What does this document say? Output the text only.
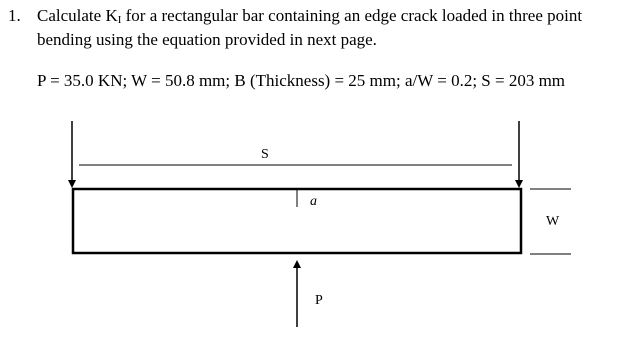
1. Calculate $K_I$ for a rectangular bar containing an edge crack loaded in three point
bending using the equation provided in next page.
P = 35.0 KN; W = 50.8 mm; B (Thickness) = 25 mm; a/W = 0.2; S = 203 mm
S
a
W
P
